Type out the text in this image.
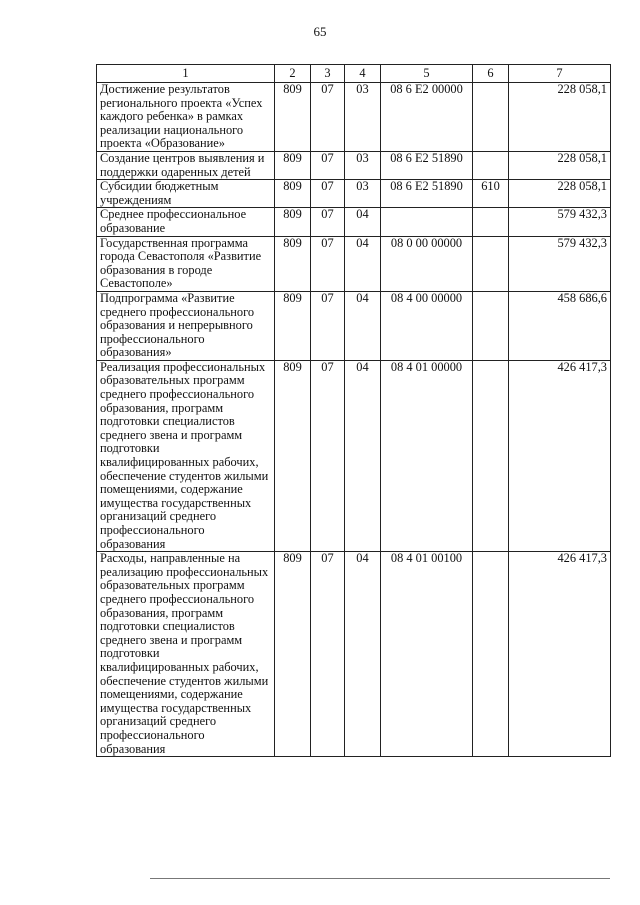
65
1	2	3	4	5	6	7
Достижение результатов регионального проекта «Успех каждого ребенка» в рамках реализации национального проекта «Образование»	809	07	03	08 6 E2 00000		228 058,1
Создание центров выявления и поддержки одаренных детей	809	07	03	08 6 E2 51890		228 058,1
Субсидии бюджетным учреждениям	809	07	03	08 6 E2 51890	610	228 058,1
Среднее профессиональное образование	809	07	04			579 432,3
Государственная программа города Севастополя «Развитие образования в городе Севастополе»	809	07	04	08 0 00 00000		579 432,3
Подпрограмма «Развитие среднего профессионального образования и непрерывного профессионального образования»	809	07	04	08 4 00 00000		458 686,6
Реализация профессиональных образовательных программ среднего профессионального образования, программ подготовки специалистов среднего звена и программ подготовки квалифицированных рабочих, обеспечение студентов жилыми помещениями, содержание имущества государственных организаций среднего профессионального образования	809	07	04	08 4 01 00000		426 417,3
Расходы, направленные на реализацию профессиональных образовательных программ среднего профессионального образования, программ подготовки специалистов среднего звена и программ подготовки квалифицированных рабочих, обеспечение студентов жилыми помещениями, содержание имущества государственных организаций среднего профессионального образования	809	07	04	08 4 01 00100		426 417,3
